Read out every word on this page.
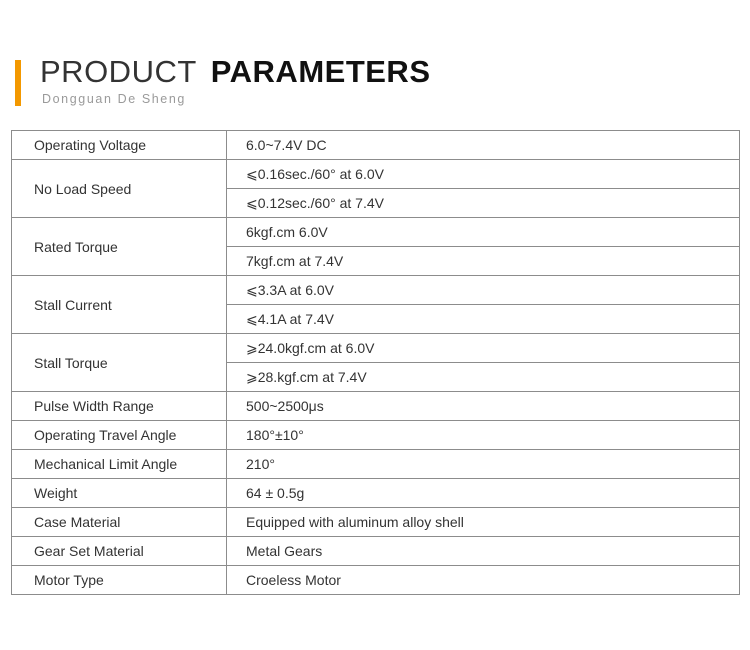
PRODUCT PARAMETERS
Dongguan De Sheng
Operating Voltage	6.0~7.4V DC
No Load Speed	⩽0.16sec./60° at 6.0V
	⩽0.12sec./60° at 7.4V
Rated Torque	6kgf.cm 6.0V
	7kgf.cm at 7.4V
Stall Current	⩽3.3A at 6.0V
	⩽4.1A at 7.4V
Stall Torque	⩾24.0kgf.cm at 6.0V
	⩾28.kgf.cm at 7.4V
Pulse Width Range	500~2500μs
Operating Travel Angle	180°±10°
Mechanical Limit Angle	210°
Weight	64 ± 0.5g
Case Material	Equipped with aluminum alloy shell
Gear Set Material	Metal Gears
Motor Type	Croeless Motor
